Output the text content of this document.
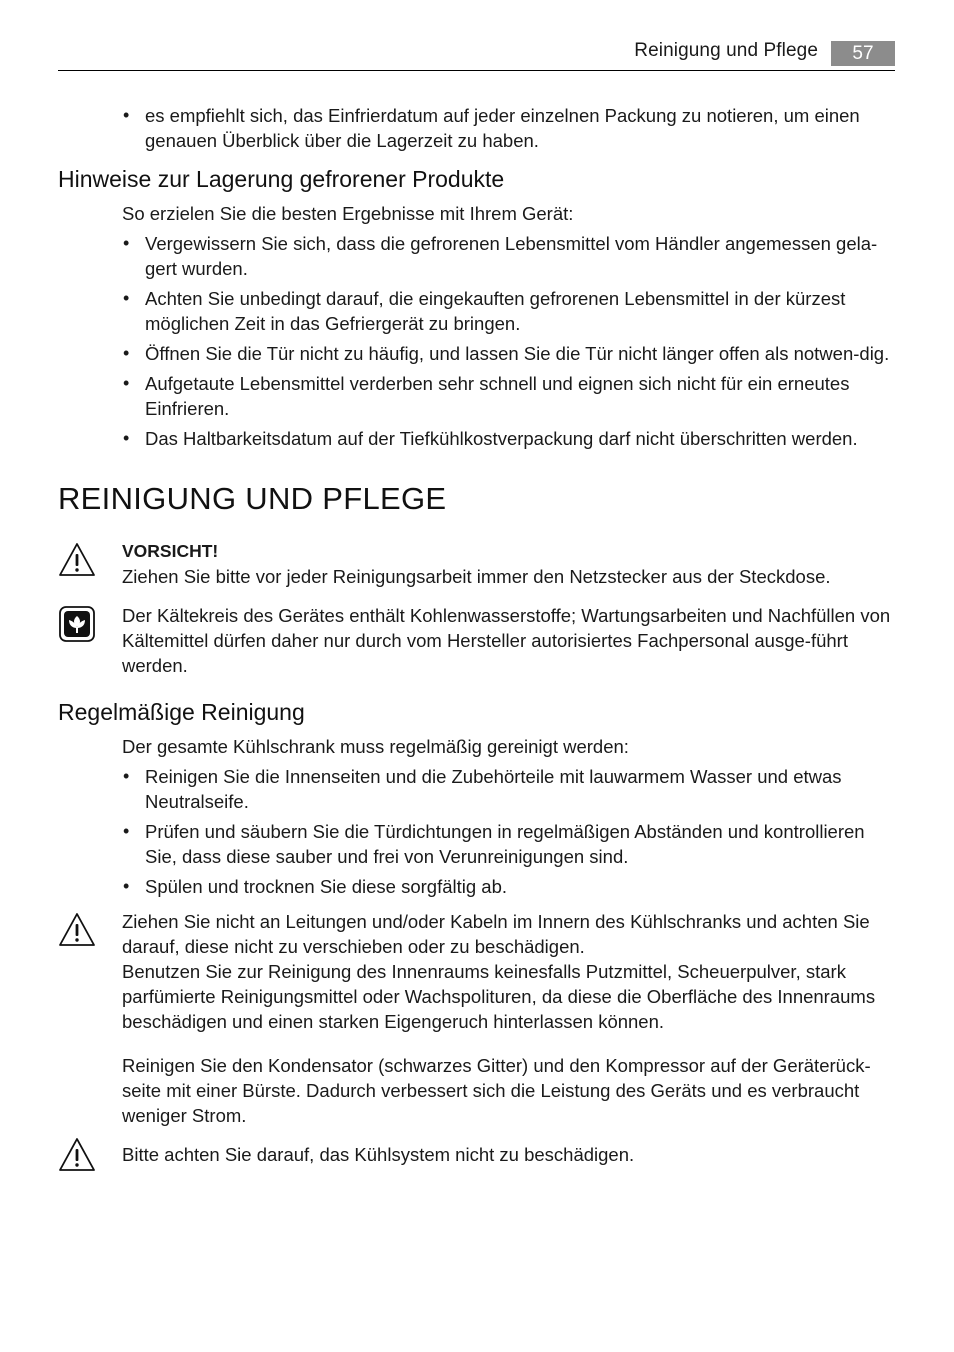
Reinigung und Pflege	57
• es empfiehlt sich, das Einfrierdatum auf jeder einzelnen Packung zu notieren, um einen genauen Überblick über die Lagerzeit zu haben.
Hinweise zur Lagerung gefrorener Produkte

So erzielen Sie die besten Ergebnisse mit Ihrem Gerät:

• Vergewissern Sie sich, dass die gefrorenen Lebensmittel vom Händler angemessen gela-gert wurden.
• Achten Sie unbedingt darauf, die eingekauften gefrorenen Lebensmittel in der kürzest möglichen Zeit in das Gefriergerät zu bringen.
• Öffnen Sie die Tür nicht zu häufig, und lassen Sie die Tür nicht länger offen als notwen-dig.
• Aufgetaute Lebensmittel verderben sehr schnell und eignen sich nicht für ein erneutes Einfrieren.
• Das Haltbarkeitsdatum auf der Tiefkühlkostverpackung darf nicht überschritten werden.
REINIGUNG UND PFLEGE

VORSICHT!

Ziehen Sie bitte vor jeder Reinigungsarbeit immer den Netzstecker aus der Steckdose.

Der Kältekreis des Gerätes enthält Kohlenwasserstoffe; Wartungsarbeiten und Nachfüllen von Kältemittel dürfen daher nur durch vom Hersteller autorisiertes Fachpersonal ausge-führt werden.

Regelmäßige Reinigung

Der gesamte Kühlschrank muss regelmäßig gereinigt werden:

• Reinigen Sie die Innenseiten und die Zubehörteile mit lauwarmem Wasser und etwas Neutralseife.
• Prüfen und säubern Sie die Türdichtungen in regelmäßigen Abständen und kontrollieren Sie, dass diese sauber und frei von Verunreinigungen sind.
• Spülen und trocknen Sie diese sorgfältig ab.

Ziehen Sie nicht an Leitungen und/oder Kabeln im Innern des Kühlschranks und achten Sie darauf, diese nicht zu verschieben oder zu beschädigen.

Benutzen Sie zur Reinigung des Innenraums keinesfalls Putzmittel, Scheuerpulver, stark parfümierte Reinigungsmittel oder Wachspolituren, da diese die Oberfläche des Innenraums beschädigen und einen starken Eigengeruch hinterlassen können.

Reinigen Sie den Kondensator (schwarzes Gitter) und den Kompressor auf der Geräterück-seite mit einer Bürste. Dadurch verbessert sich die Leistung des Geräts und es verbraucht weniger Strom.

Bitte achten Sie darauf, das Kühlsystem nicht zu beschädigen.
